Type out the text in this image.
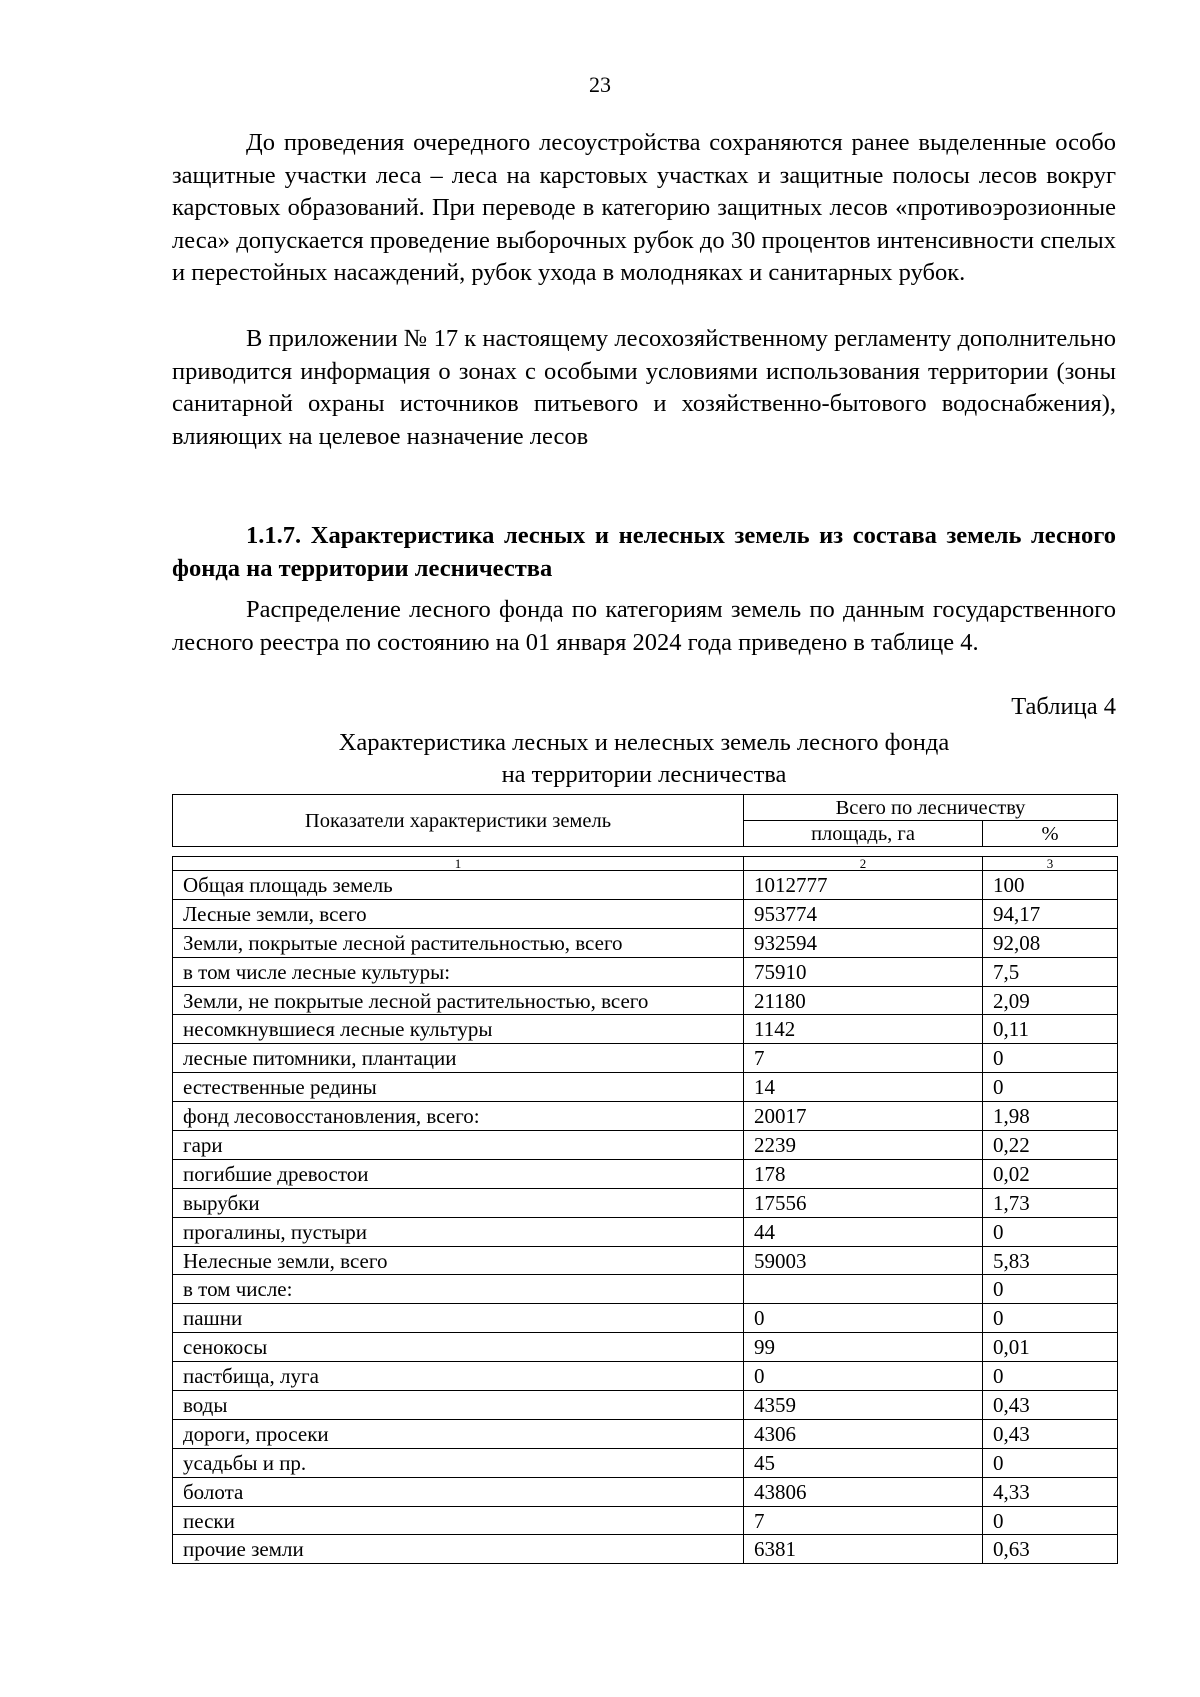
23

До проведения очередного лесоустройства сохраняются ранее выделенные особо защитные участки леса – леса на карстовых участках и защитные полосы лесов вокруг карстовых образований. При переводе в категорию защитных лесов «противоэрозионные леса» допускается проведение выборочных рубок до 30 процентов интенсивности спелых и перестойных насаждений, рубок ухода в молодняках и санитарных рубок.

В приложении № 17 к настоящему лесохозяйственному регламенту дополнительно приводится информация о зонах с особыми условиями использования территории (зоны санитарной охраны источников питьевого и хозяйственно-бытового водоснабжения), влияющих на целевое назначение лесов

1.1.7. Характеристика лесных и нелесных земель из состава земель лесного фонда на территории лесничества

Распределение лесного фонда по категориям земель по данным государственного лесного реестра по состоянию на 01 января 2024 года приведено в таблице 4.

Таблица 4
Характеристика лесных и нелесных земель лесного фонда
на территории лесничества
Показатели характеристики земель	Всего по лесничеству	
	площадь, га	%
1	2	3
Общая площадь земель	1012777	100
Лесные земли, всего	953774	94,17
Земли, покрытые лесной растительностью, всего	932594	92,08
в том числе лесные культуры:	75910	7,5
Земли, не покрытые лесной растительностью, всего	21180	2,09
несомкнувшиеся лесные культуры	1142	0,11
лесные питомники, плантации	7	0
естественные редины	14	0
фонд лесовосстановления, всего:	20017	1,98
гари	2239	0,22
погибшие древостои	178	0,02
вырубки	17556	1,73
прогалины, пустыри	44	0
Нелесные земли, всего	59003	5,83
в том числе:		0
пашни	0	0
сенокосы	99	0,01
пастбища, луга	0	0
воды	4359	0,43
дороги, просеки	4306	0,43
усадьбы и пр.	45	0
болота	43806	4,33
пески	7	0
прочие земли	6381	0,63
